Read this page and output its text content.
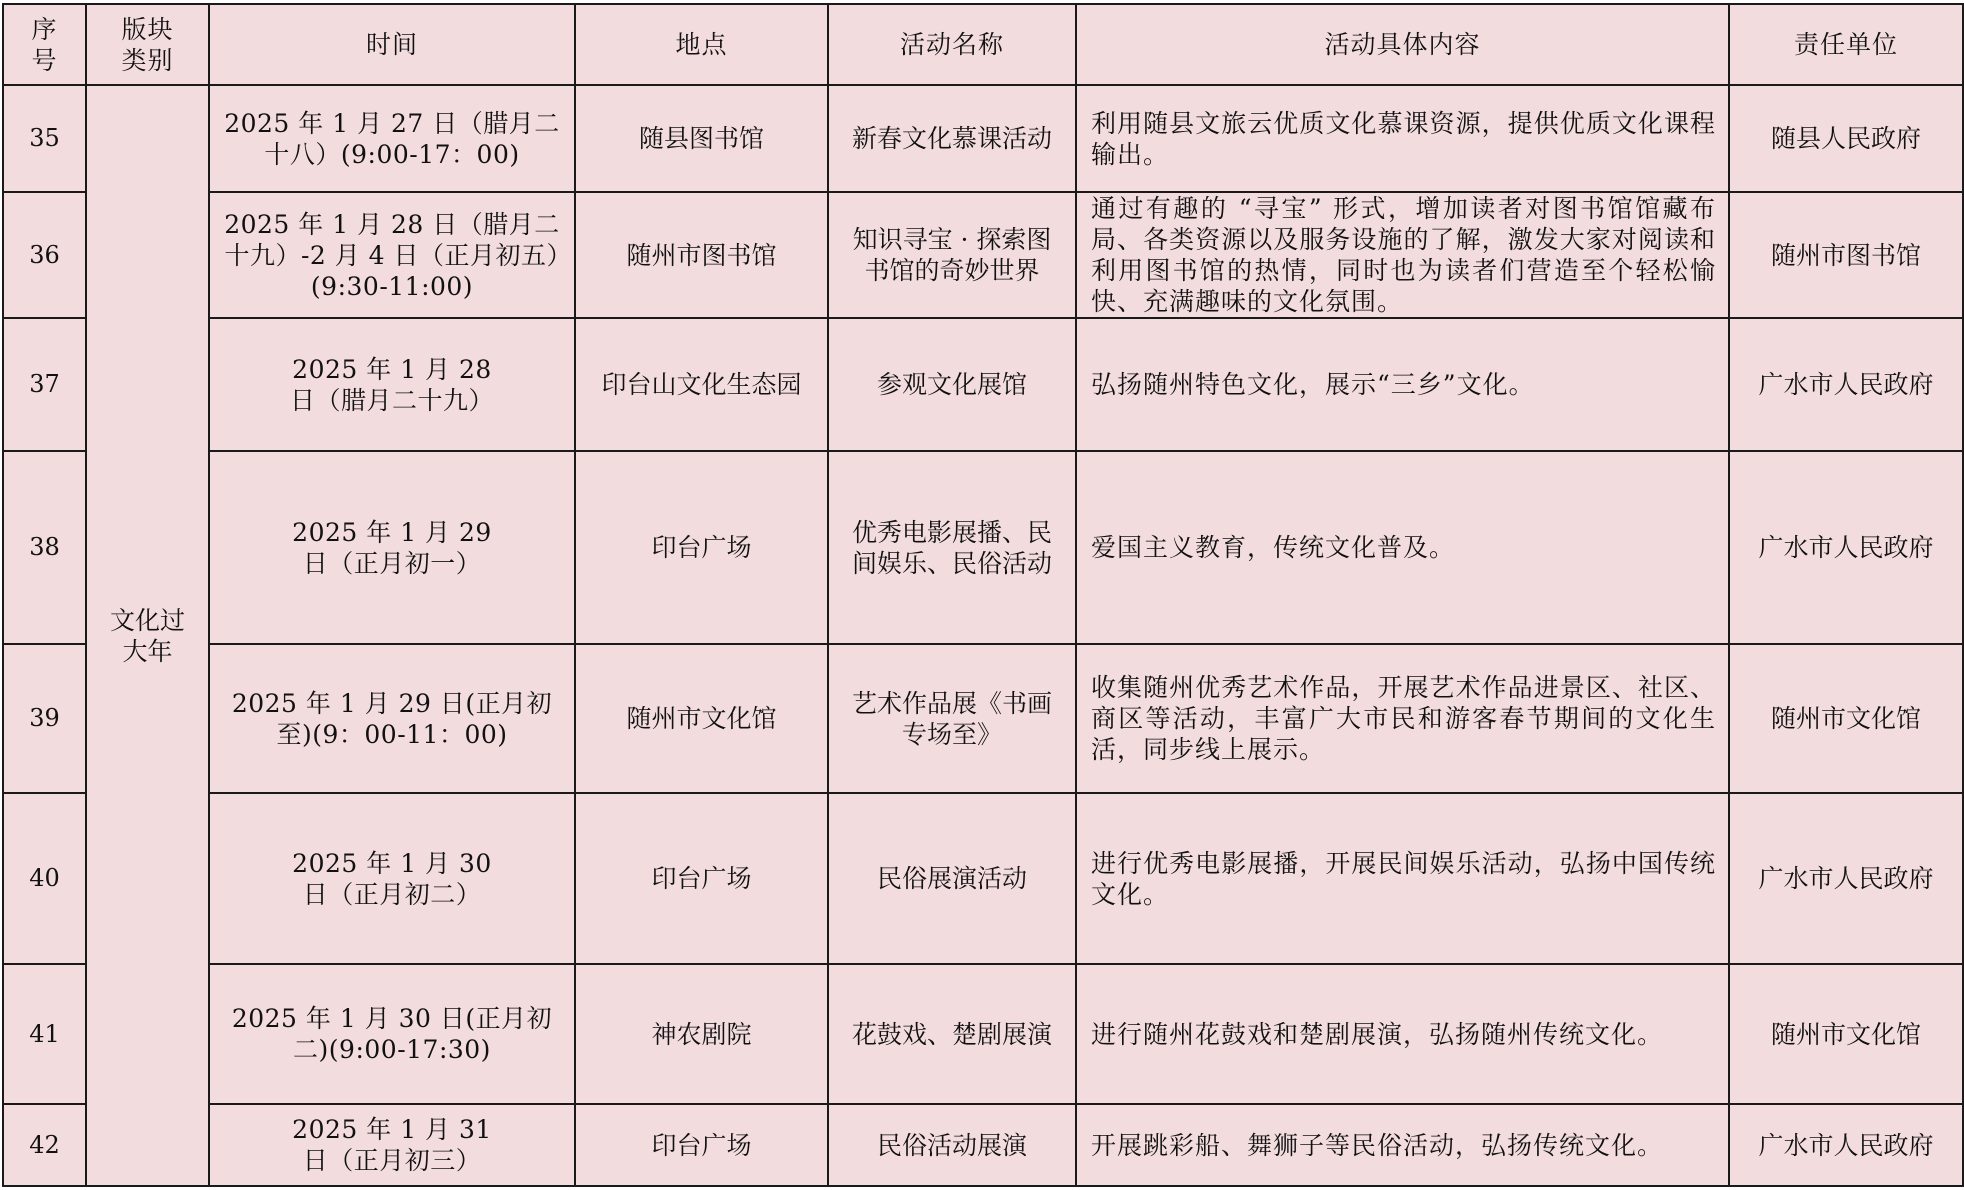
序号	版块类别	时间	地点	活动名称	活动具体内容	责任单位
35	文化过大年	2025 年 1 月 27 日（腊月二十八）(9:00-17：00)	随县图书馆	新春文化慕课活动	利用随县文旅云优质文化慕课资源，提供优质文化课程输出。	随县人民政府
36		2025 年 1 月 28 日（腊月二十九）-2 月 4 日（正月初五）(9:30-11:00)	随州市图书馆	知识寻宝 · 探索图书馆的奇妙世界	通过有趣的 “寻宝” 形式，增加读者对图书馆馆藏布局、各类资源以及服务设施的了解，激发大家对阅读和利用图书馆的热情，同时也为读者们营造至个轻松愉快、充满趣味的文化氛围。	随州市图书馆
37		2025 年 1 月 28 日（腊月二十九）	印台山文化生态园	参观文化展馆	弘扬随州特色文化，展示“三乡”文化。	广水市人民政府
38		2025 年 1 月 29 日（正月初一）	印台广场	优秀电影展播、民间娱乐、民俗活动	爱国主义教育，传统文化普及。	广水市人民政府
39		2025 年 1 月 29 日(正月初至)(9：00-11：00)	随州市文化馆	艺术作品展《书画专场至》	收集随州优秀艺术作品，开展艺术作品进景区、社区、商区等活动，丰富广大市民和游客春节期间的文化生活，同步线上展示。	随州市文化馆
40		2025 年 1 月 30 日（正月初二）	印台广场	民俗展演活动	进行优秀电影展播，开展民间娱乐活动，弘扬中国传统文化。	广水市人民政府
41		2025 年 1 月 30 日(正月初二)(9:00-17:30)	神农剧院	花鼓戏、楚剧展演	进行随州花鼓戏和楚剧展演，弘扬随州传统文化。	随州市文化馆
42		2025 年 1 月 31 日（正月初三）	印台广场	民俗活动展演	开展跳彩船、舞狮子等民俗活动，弘扬传统文化。	广水市人民政府
